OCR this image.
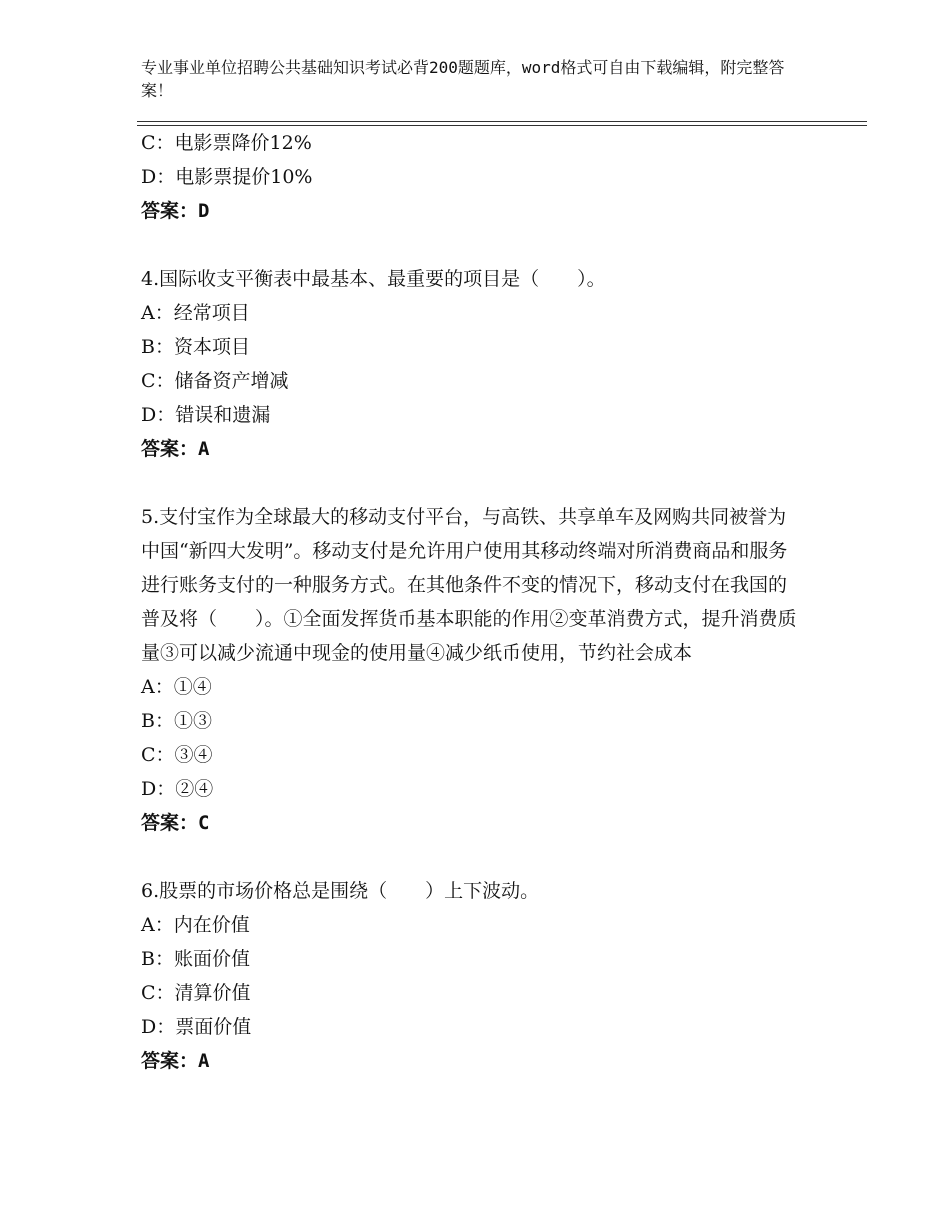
专业事业单位招聘公共基础知识考试必背200题题库，word格式可自由下载编辑，附完整答案！
C：电影票降价12%
D：电影票提价10%
答案：D
4.国际收支平衡表中最基本、最重要的项目是（　　）。
A：经常项目
B：资本项目
C：储备资产增减
D：错误和遗漏
答案：A
5.支付宝作为全球最大的移动支付平台，与高铁、共享单车及网购共同被誉为中国“新四大发明”。移动支付是允许用户使用其移动终端对所消费商品和服务进行账务支付的一种服务方式。在其他条件不变的情况下，移动支付在我国的普及将（　　）。①全面发挥货币基本职能的作用②变革消费方式，提升消费质量③可以减少流通中现金的使用量④减少纸币使用，节约社会成本
A：①④
B：①③
C：③④
D：②④
答案：C
6.股票的市场价格总是围绕（　　）上下波动。
A：内在价值
B：账面价值
C：清算价值
D：票面价值
答案：A
